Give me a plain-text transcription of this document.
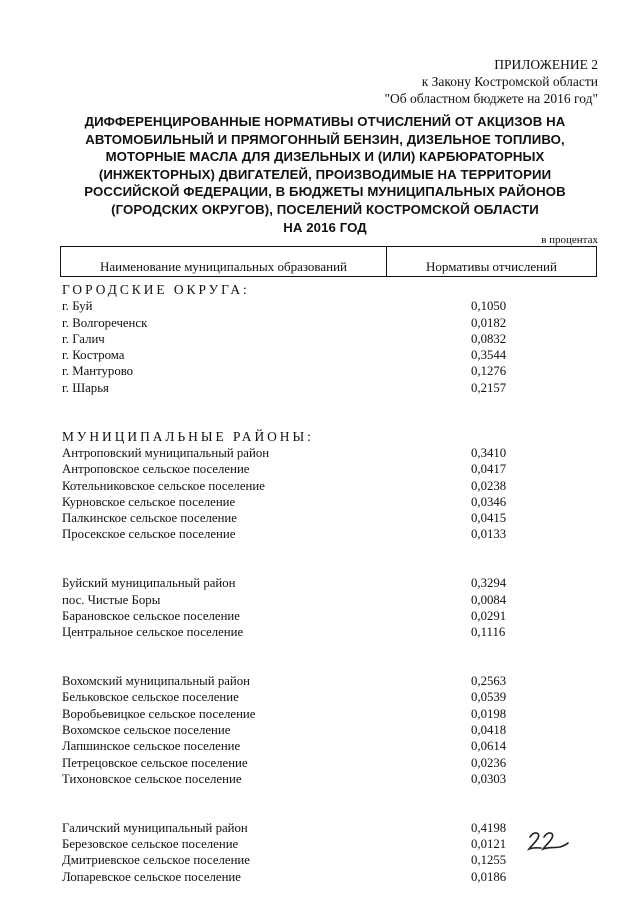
ПРИЛОЖЕНИЕ 2
к Закону Костромской области
"Об областном бюджете на 2016 год"
ДИФФЕРЕНЦИРОВАННЫЕ НОРМАТИВЫ ОТЧИСЛЕНИЙ ОТ АКЦИЗОВ НА
АВТОМОБИЛЬНЫЙ И ПРЯМОГОННЫЙ БЕНЗИН, ДИЗЕЛЬНОЕ ТОПЛИВО,
МОТОРНЫЕ МАСЛА ДЛЯ ДИЗЕЛЬНЫХ И (ИЛИ) КАРБЮРАТОРНЫХ
(ИНЖЕКТОРНЫХ) ДВИГАТЕЛЕЙ, ПРОИЗВОДИМЫЕ НА ТЕРРИТОРИИ
РОССИЙСКОЙ ФЕДЕРАЦИИ, В БЮДЖЕТЫ МУНИЦИПАЛЬНЫХ РАЙОНОВ
(ГОРОДСКИХ ОКРУГОВ), ПОСЕЛЕНИЙ КОСТРОМСКОЙ ОБЛАСТИ
НА 2016 ГОД
в процентах
Наименование муниципальных образований	Нормативы отчислений
ГОРОДСКИЕ ОКРУГА:
г. Буй	0,1050
г. Волгореченск	0,0182
г. Галич	0,0832
г. Кострома	0,3544
г. Мантурово	0,1276
г. Шарья	0,2157
МУНИЦИПАЛЬНЫЕ РАЙОНЫ:
Антроповский муниципальный район	0,3410
Антроповское сельское поселение	0,0417
Котельниковское сельское поселение	0,0238
Курновское сельское поселение	0,0346
Палкинское сельское поселение	0,0415
Просекское сельское поселение	0,0133
Буйский муниципальный район	0,3294
пос. Чистые Боры	0,0084
Барановское сельское поселение	0,0291
Центральное сельское поселение	0,1116
Вохомский муниципальный район	0,2563
Бельковское сельское поселение	0,0539
Воробьевицкое сельское поселение	0,0198
Вохомское сельское поселение	0,0418
Лапшинское сельское поселение	0,0614
Петрецовское сельское поселение	0,0236
Тихоновское сельское поселение	0,0303
Галичский муниципальный район	0,4198
Березовское сельское поселение	0,0121
Дмитриевское сельское поселение	0,1255
Лопаревское сельское поселение	0,0186
